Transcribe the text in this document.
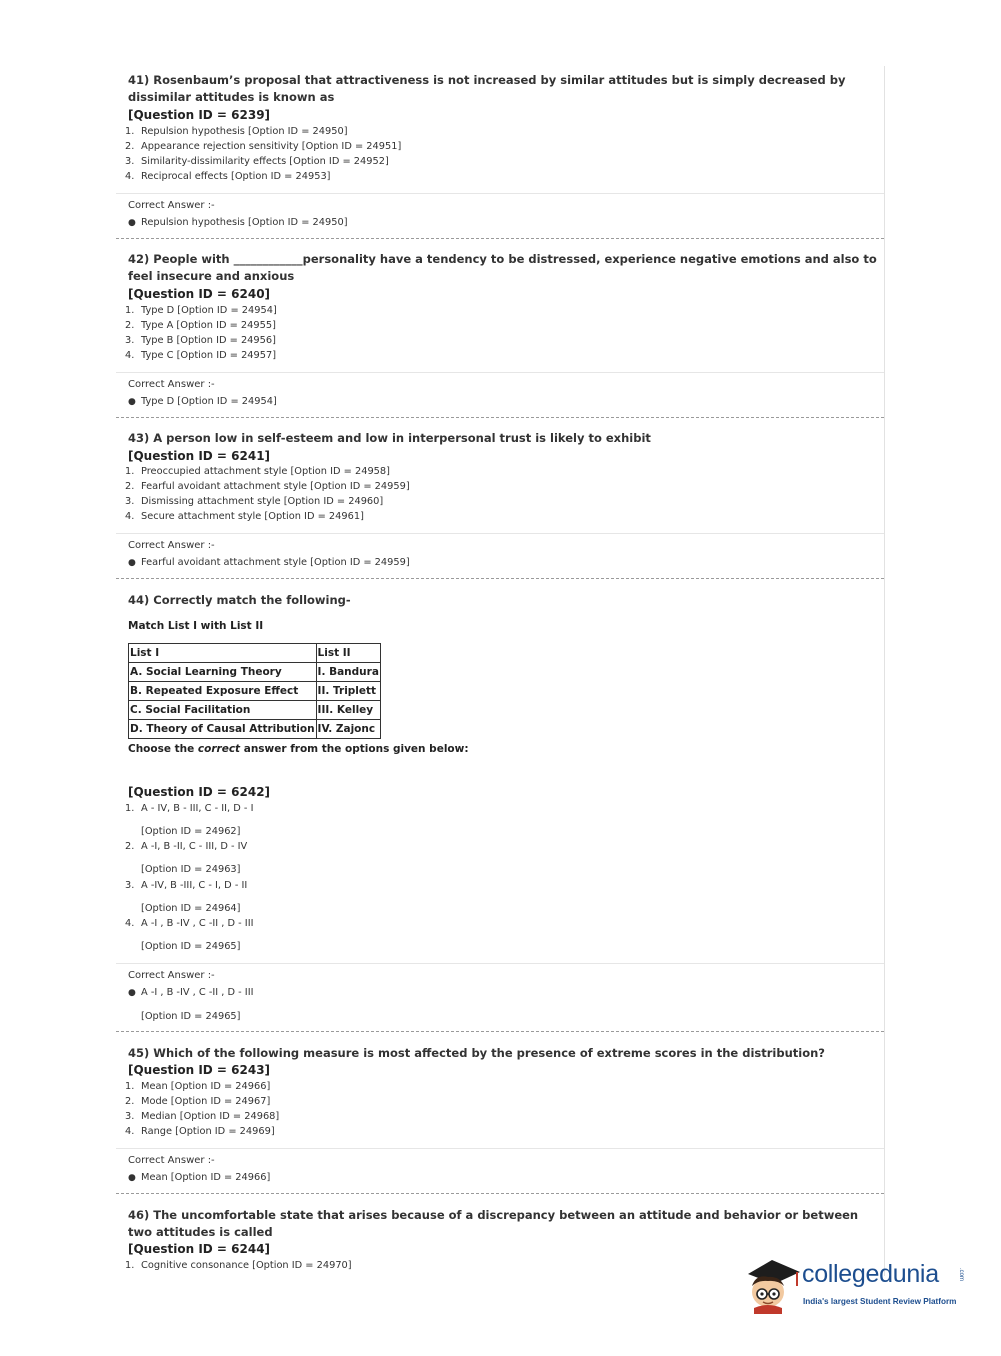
41) Rosenbaum’s proposal that attractiveness is not increased by similar attitudes but is simply decreased by dissimilar attitudes is known as
[Question ID = 6239]
1. Repulsion hypothesis [Option ID = 24950]
2. Appearance rejection sensitivity [Option ID = 24951]
3. Similarity-dissimilarity effects [Option ID = 24952]
4. Reciprocal effects [Option ID = 24953]
Correct Answer :-
● Repulsion hypothesis [Option ID = 24950]
42) People with ____________personality have a tendency to be distressed, experience negative emotions and also to feel insecure and anxious
[Question ID = 6240]
1. Type D [Option ID = 24954]
2. Type A [Option ID = 24955]
3. Type B [Option ID = 24956]
4. Type C [Option ID = 24957]
Correct Answer :-
● Type D [Option ID = 24954]
43) A person low in self-esteem and low in interpersonal trust is likely to exhibit
[Question ID = 6241]
1. Preoccupied attachment style [Option ID = 24958]
2. Fearful avoidant attachment style [Option ID = 24959]
3. Dismissing attachment style [Option ID = 24960]
4. Secure attachment style [Option ID = 24961]
Correct Answer :-
● Fearful avoidant attachment style [Option ID = 24959]
44) Correctly match the following-
Match List I with List II
List I	List II
A. Social Learning Theory	I. Bandura
B. Repeated Exposure Effect	II. Triplett
C. Social Facilitation	III. Kelley
D. Theory of Causal Attribution	IV. Zajonc
Choose the correct answer from the options given below:
[Question ID = 6242]
1. A - IV, B - III, C - II, D - I
[Option ID = 24962]
2. A -I, B -II, C - III, D - IV
[Option ID = 24963]
3. A -IV, B -III, C - I, D - II
[Option ID = 24964]
4. A -I , B -IV , C -II , D - III
[Option ID = 24965]
Correct Answer :-
● A -I , B -IV , C -II , D - III
[Option ID = 24965]
45) Which of the following measure is most affected by the presence of extreme scores in the distribution?
[Question ID = 6243]
1. Mean [Option ID = 24966]
2. Mode [Option ID = 24967]
3. Median [Option ID = 24968]
4. Range [Option ID = 24969]
Correct Answer :-
● Mean [Option ID = 24966]
46) The uncomfortable state that arises because of a discrepancy between an attitude and behavior or between two attitudes is called
[Question ID = 6244]
1. Cognitive consonance [Option ID = 24970]	collegedunia	.com
India's largest Student Review Platform
